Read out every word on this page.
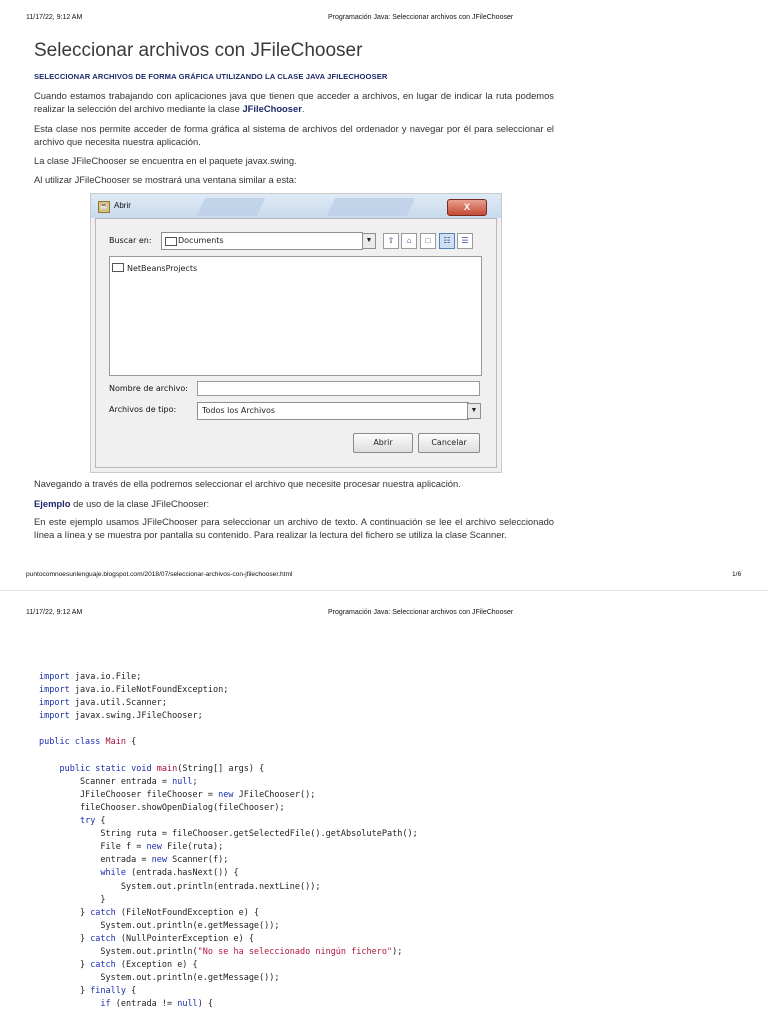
11/17/22, 9:12 AM	Programación Java: Seleccionar archivos con JFileChooser
Seleccionar archivos con JFileChooser
SELECCIONAR ARCHIVOS DE FORMA GRÁFICA UTILIZANDO LA CLASE JAVA JFILECHOOSER
Cuando estamos trabajando con aplicaciones java que tienen que acceder a archivos, en lugar de indicar la ruta podemos realizar la selección del archivo mediante la clase JFileChooser.
Esta clase nos permite acceder de forma gráfica al sistema de archivos del ordenador y navegar por él para seleccionar el archivo que necesita nuestra aplicación.
La clase JFileChooser se encuentra en el paquete javax.swing.
Al utilizar JFileChooser se mostrará una ventana similar a esta:
☕ Abrir	X
Buscar en:	Documents	▼	⇧	⌂	□	☷	☰
NetBeansProjects
Nombre de archivo:
Archivos de tipo:	Todos los Archivos	▼
Abrir	Cancelar
Navegando a través de ella podremos seleccionar el archivo que necesite procesar nuestra aplicación.
Ejemplo de uso de la clase JFileChooser:
En este ejemplo usamos JFileChooser para seleccionar un archivo de texto. A continuación se lee el archivo seleccionado línea a línea y se muestra por pantalla su contenido. Para realizar la lectura del fichero se utiliza la clase Scanner.
puntocomnoesunlenguaje.blogspot.com/2018/07/seleccionar-archivos-con-jfilechooser.html	1/6
11/17/22, 9:12 AM	Programación Java: Seleccionar archivos con JFileChooser
import java.io.File;
import java.io.FileNotFoundException;
import java.util.Scanner;
import javax.swing.JFileChooser;

public class Main {

public static void main(String[] args) {
Scanner entrada = null;
JFileChooser fileChooser = new JFileChooser();
fileChooser.showOpenDialog(fileChooser);
try {
String ruta = fileChooser.getSelectedFile().getAbsolutePath();
File f = new File(ruta);
entrada = new Scanner(f);
while (entrada.hasNext()) {
System.out.println(entrada.nextLine());
}
} catch (FileNotFoundException e) {
System.out.println(e.getMessage());
} catch (NullPointerException e) {
System.out.println("No se ha seleccionado ningún fichero");
} catch (Exception e) {
System.out.println(e.getMessage());
} finally {
if (entrada != null) {
